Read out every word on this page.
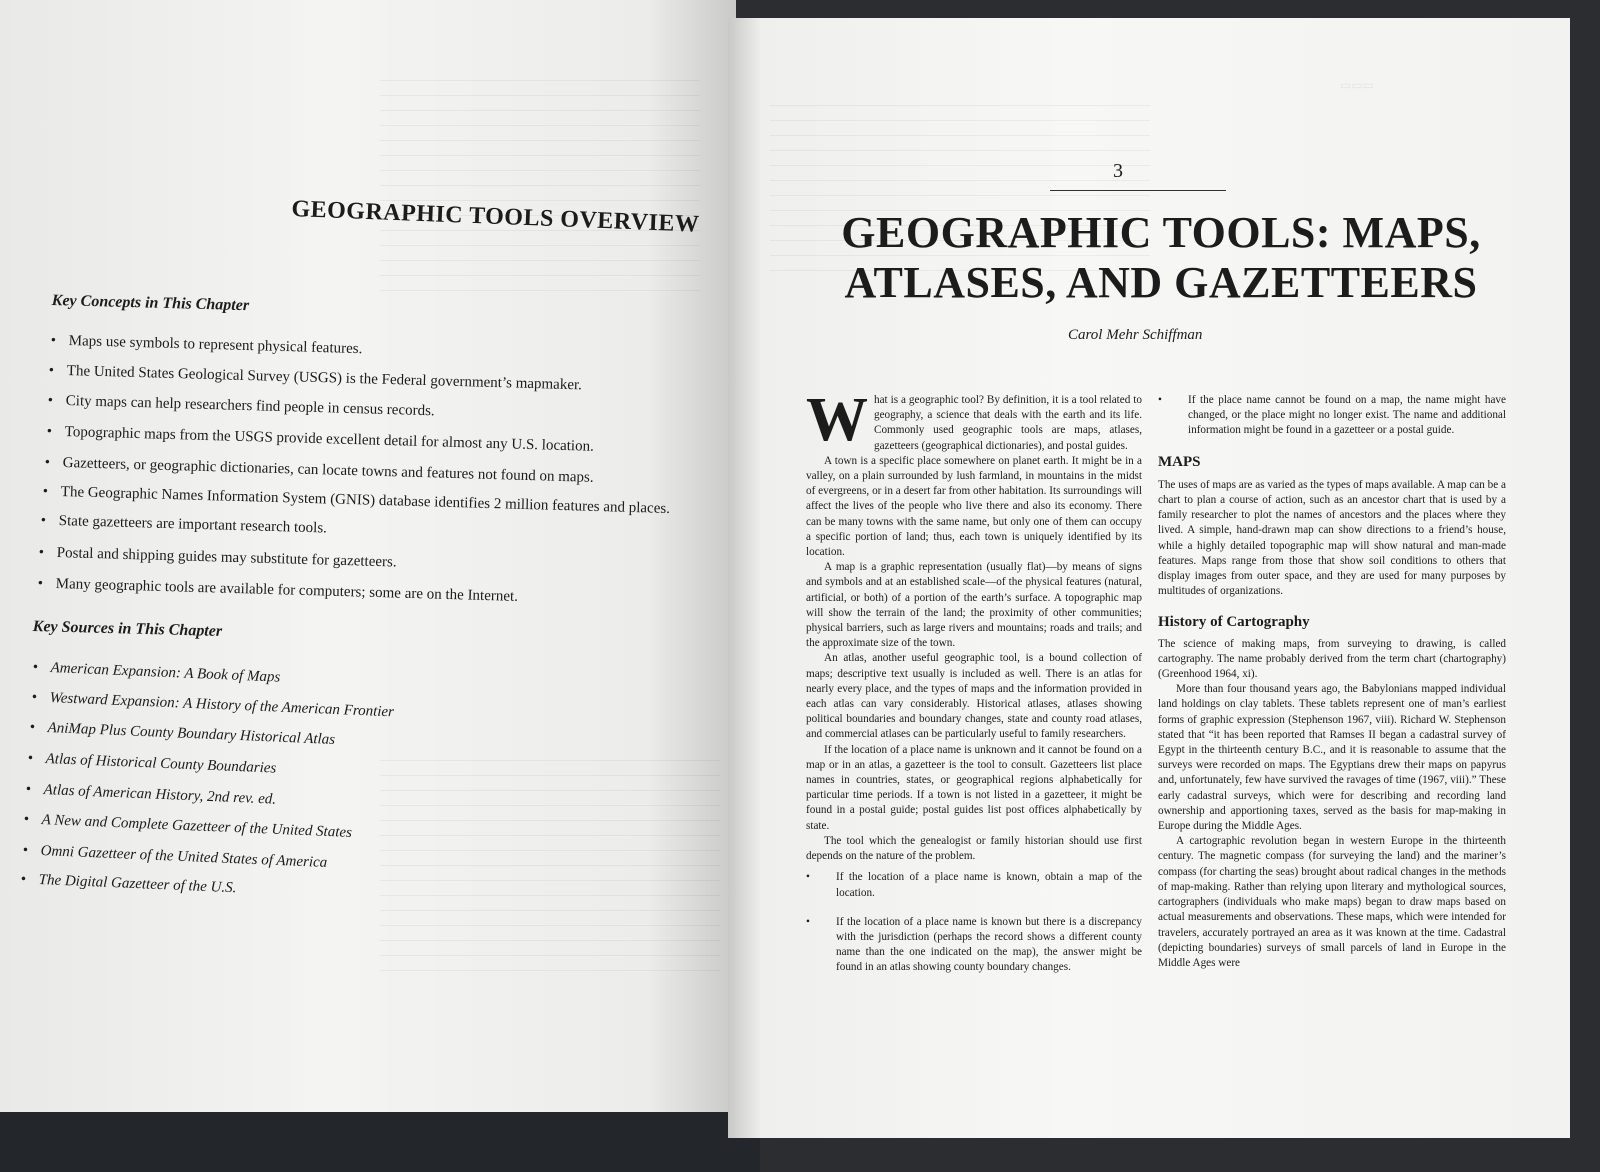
GEOGRAPHIC TOOLS OVERVIEW
Key Concepts in This Chapter
• Maps use symbols to represent physical features.
• The United States Geological Survey (USGS) is the Federal government’s mapmaker.
• City maps can help researchers find people in census records.
• Topographic maps from the USGS provide excellent detail for almost any U.S. location.
• Gazetteers, or geographic dictionaries, can locate towns and features not found on maps.
• The Geographic Names Information System (GNIS) database identifies 2 million features and places.
• State gazetteers are important research tools.
• Postal and shipping guides may substitute for gazetteers.
• Many geographic tools are available for computers; some are on the Internet.
Key Sources in This Chapter
• American Expansion: A Book of Maps
• Westward Expansion: A History of the American Frontier
• AniMap Plus County Boundary Historical Atlas
• Atlas of Historical County Boundaries
• Atlas of American History, 2nd rev. ed.
• A New and Complete Gazetteer of the United States
• Omni Gazetteer of the United States of America
• The Digital Gazetteer of the U.S.
▭▭▭
3
GEOGRAPHIC TOOLS: MAPS,
ATLASES, AND GAZETTEERS
Carol Mehr Schiffman

What is a geographic tool? By definition, it is a tool related to geography, a science that deals with the earth and its life. Commonly used geographic tools are maps, atlases, gazetteers (geographical dictionaries), and postal guides.

A town is a specific place somewhere on planet earth. It might be in a valley, on a plain surrounded by lush farmland, in mountains in the midst of evergreens, or in a desert far from other habitation. Its surroundings will affect the lives of the people who live there and also its economy. There can be many towns with the same name, but only one of them can occupy a specific portion of land; thus, each town is uniquely identified by its location.

A map is a graphic representation (usually flat)—by means of signs and symbols and at an established scale—of the physical features (natural, artificial, or both) of a portion of the earth’s surface. A topographic map will show the terrain of the land; the proximity of other communities; physical barriers, such as large rivers and mountains; roads and trails; and the approximate size of the town.

An atlas, another useful geographic tool, is a bound collection of maps; descriptive text usually is included as well. There is an atlas for nearly every place, and the types of maps and the information provided in each atlas can vary considerably. Historical atlases, atlases showing political boundaries and boundary changes, state and county road atlases, and commercial atlases can be particularly useful to family researchers.

If the location of a place name is unknown and it cannot be found on a map or in an atlas, a gazetteer is the tool to consult. Gazetteers list place names in countries, states, or geographical regions alphabetically for particular time periods. If a town is not listed in a gazetteer, it might be found in a postal guide; postal guides list post offices alphabetically by state.

The tool which the genealogist or family historian should use first depends on the nature of the problem.

• If the location of a place name is known, obtain a map of the location.
• If the location of a place name is known but there is a discrepancy with the jurisdiction (perhaps the record shows a different county name than the one indicated on the map), the answer might be found in an atlas showing county boundary changes.
• If the place name cannot be found on a map, the name might have changed, or the place might no longer exist. The name and additional information might be found in a gazetteer or a postal guide.
MAPS

The uses of maps are as varied as the types of maps available. A map can be a chart to plan a course of action, such as an ancestor chart that is used by a family researcher to plot the names of ancestors and the places where they lived. A simple, hand-drawn map can show directions to a friend’s house, while a highly detailed topographic map will show natural and man-made features. Maps range from those that show soil conditions to others that display images from outer space, and they are used for many purposes by multitudes of organizations.

History of Cartography

The science of making maps, from surveying to drawing, is called cartography. The name probably derived from the term chart (chartography) (Greenhood 1964, xi).

More than four thousand years ago, the Babylonians mapped individual land holdings on clay tablets. These tablets represent one of man’s earliest forms of graphic expression (Stephenson 1967, viii). Richard W. Stephenson stated that “it has been reported that Ramses II began a cadastral survey of Egypt in the thirteenth century B.C., and it is reasonable to assume that the surveys were recorded on maps. The Egyptians drew their maps on papyrus and, unfortunately, few have survived the ravages of time (1967, viii).” These early cadastral surveys, which were for describing and recording land ownership and apportioning taxes, served as the basis for map-making in Europe during the Middle Ages.

A cartographic revolution began in western Europe in the thirteenth century. The magnetic compass (for surveying the land) and the mariner’s compass (for charting the seas) brought about radical changes in the methods of map-making. Rather than relying upon literary and mythological sources, cartographers (individuals who make maps) began to draw maps based on actual measurements and observations. These maps, which were intended for travelers, accurately portrayed an area as it was known at the time. Cadastral (depicting boundaries) surveys of small parcels of land in Europe in the Middle Ages were
